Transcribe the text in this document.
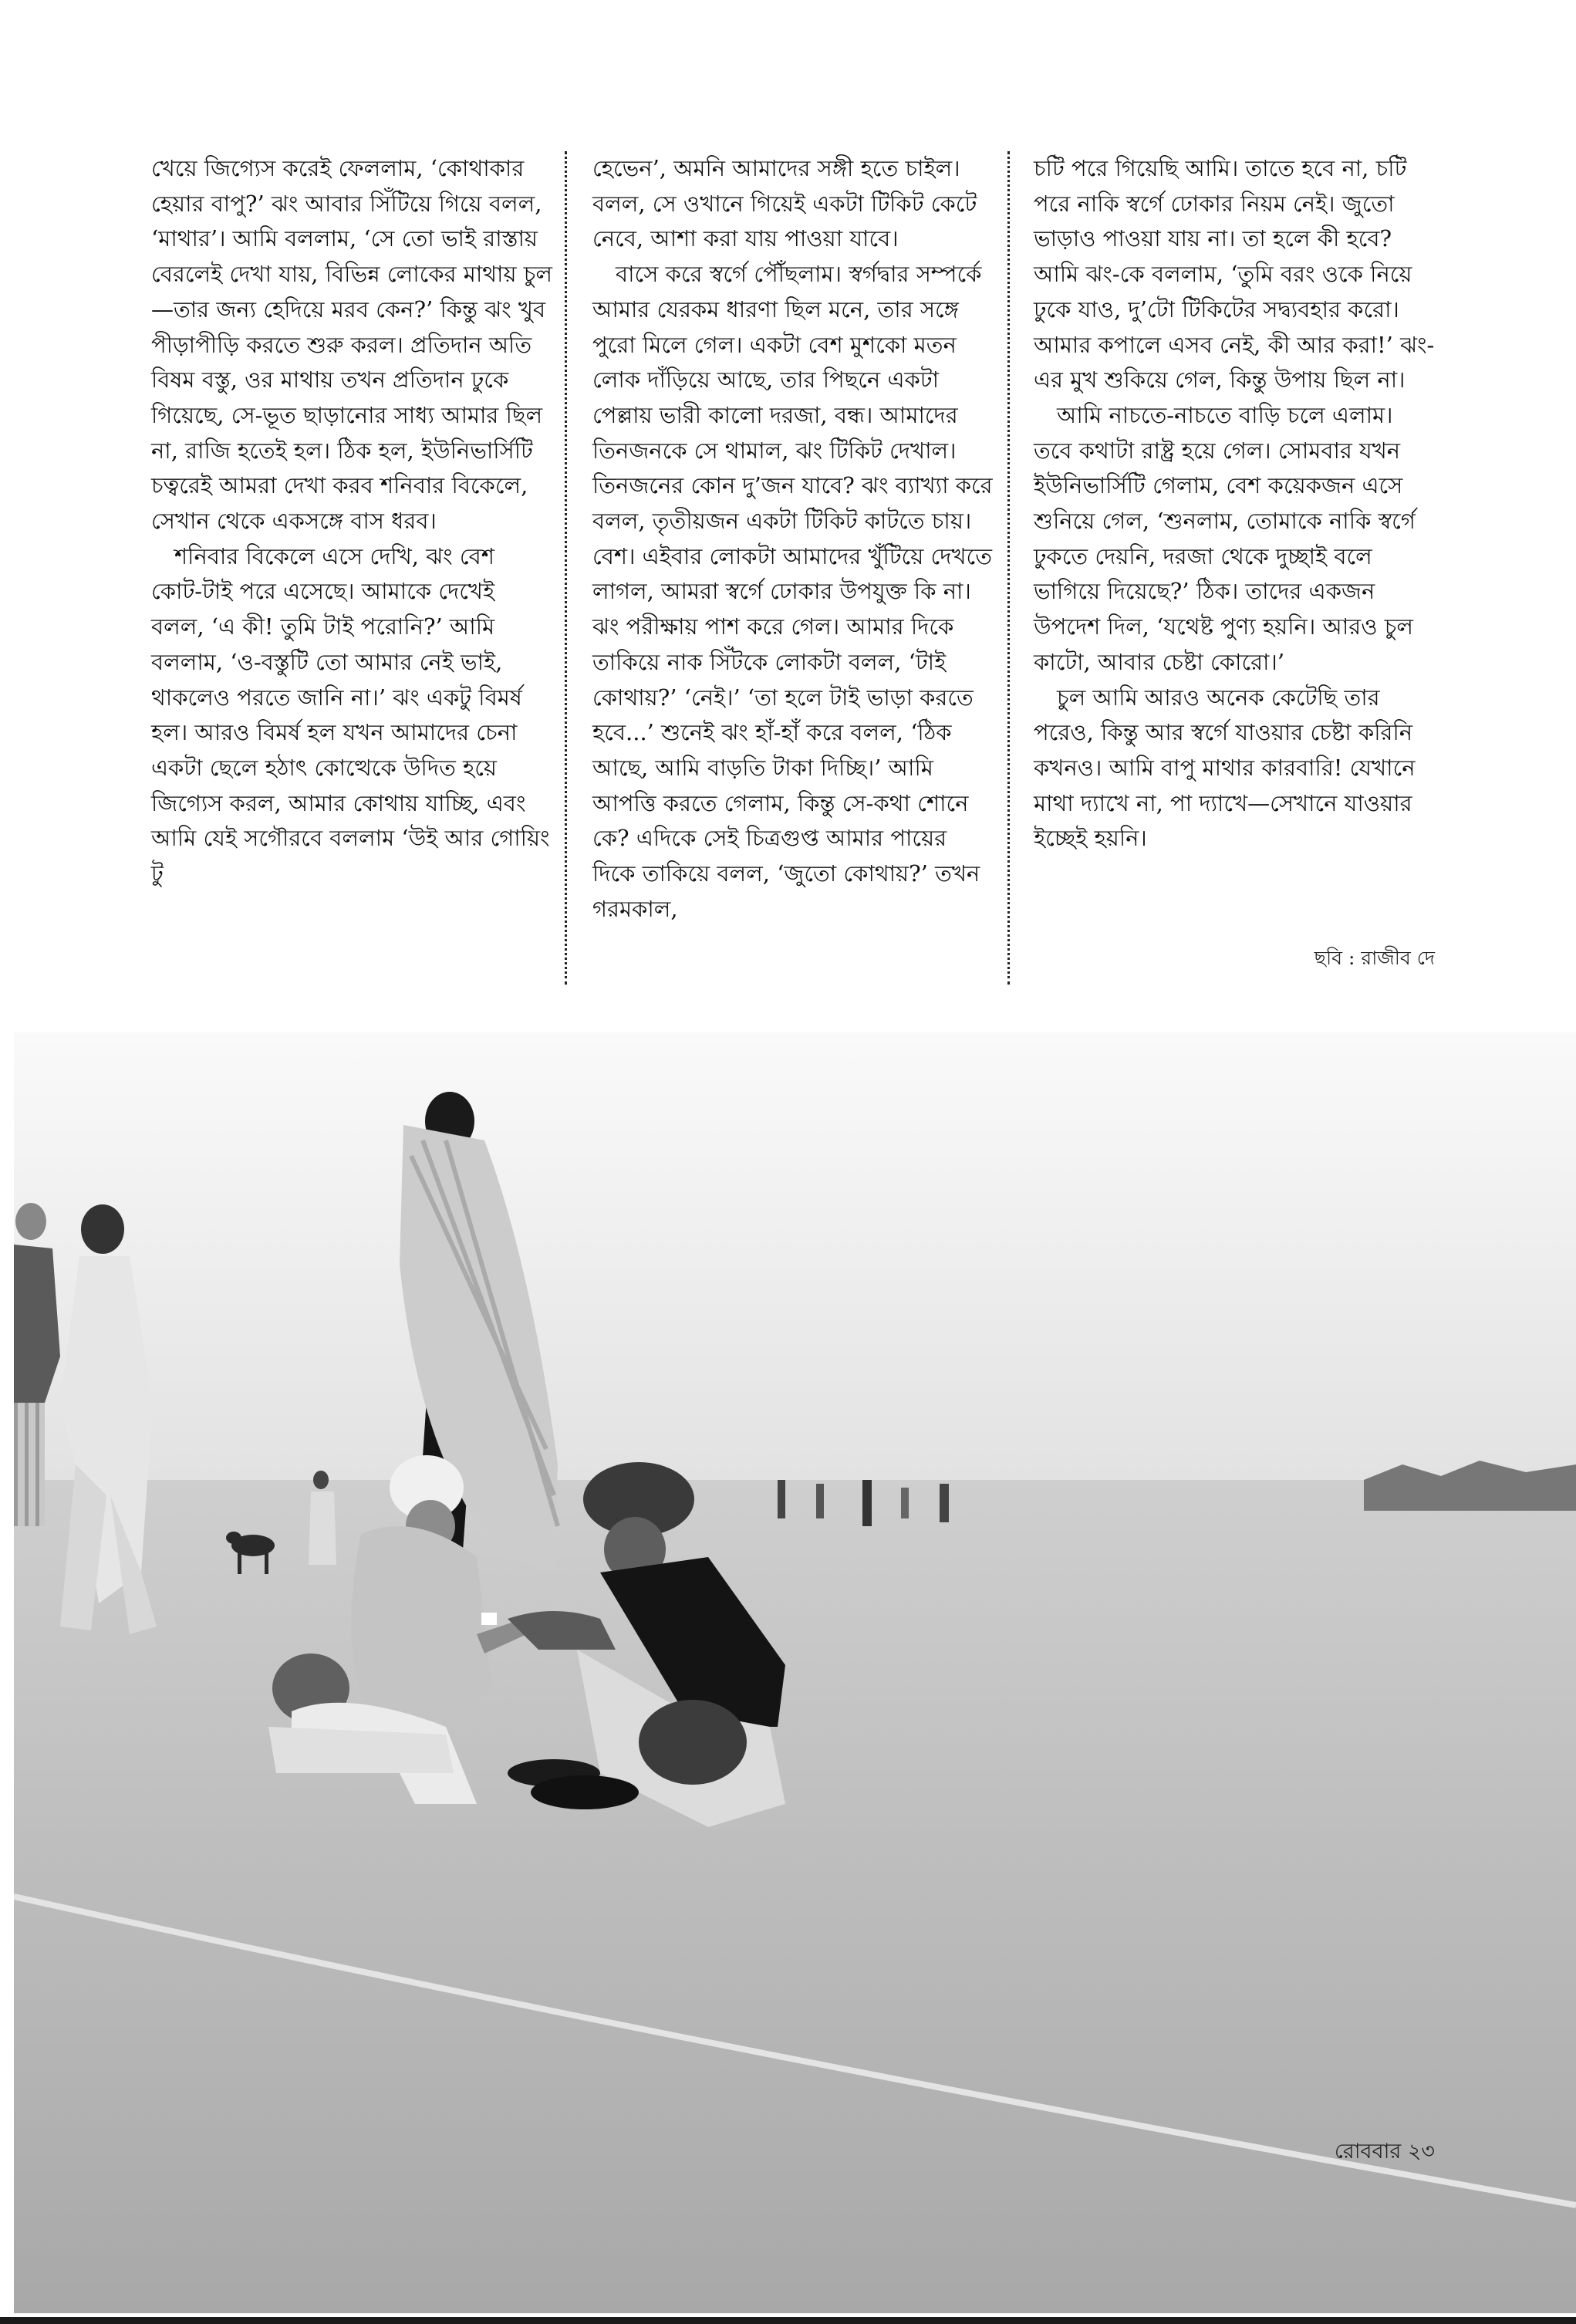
খেয়ে জিগ্যেস করেই ফেললাম, ‘কোথাকার হেয়ার বাপু?’ ঝং আবার সিঁটিয়ে গিয়ে বলল, ‘মাথার’। আমি বললাম, ‘সে তো ভাই রাস্তায় বেরলেই দেখা যায়, বিভিন্ন লোকের মাথায় চুল—তার জন্য হেদিয়ে মরব কেন?’ কিন্তু ঝং খুব পীড়াপীড়ি করতে শুরু করল। প্রতিদান অতি বিষম বস্তু, ওর মাথায় তখন প্রতিদান ঢুকে গিয়েছে, সে-ভূত ছাড়ানোর সাধ্য আমার ছিল না, রাজি হতেই হল। ঠিক হল, ইউনিভার্সিটি চত্বরেই আমরা দেখা করব শনিবার বিকেলে, সেখান থেকে একসঙ্গে বাস ধরব।

শনিবার বিকেলে এসে দেখি, ঝং বেশ কোট-টাই পরে এসেছে। আমাকে দেখেই বলল, ‘এ কী! তুমি টাই পরোনি?’ আমি বললাম, ‘ও-বস্তুটি তো আমার নেই ভাই, থাকলেও পরতে জানি না।’ ঝং একটু বিমর্ষ হল। আরও বিমর্ষ হল যখন আমাদের চেনা একটা ছেলে হঠাৎ কোত্থেকে উদিত হয়ে জিগ্যেস করল, আমার কোথায় যাচ্ছি, এবং আমি যেই সগৌরবে বললাম ‘উই আর গোয়িং টু

হেভেন’, অমনি আমাদের সঙ্গী হতে চাইল। বলল, সে ওখানে গিয়েই একটা টিকিট কেটে নেবে, আশা করা যায় পাওয়া যাবে।

বাসে করে স্বর্গে পৌঁছলাম। স্বর্গদ্বার সম্পর্কে আমার যেরকম ধারণা ছিল মনে, তার সঙ্গে পুরো মিলে গেল। একটা বেশ মুশকো মতন লোক দাঁড়িয়ে আছে, তার পিছনে একটা পেল্লায় ভারী কালো দরজা, বন্ধ। আমাদের তিনজনকে সে থামাল, ঝং টিকিট দেখাল। তিনজনের কোন দু’জন যাবে? ঝং ব্যাখ্যা করে বলল, তৃতীয়জন একটা টিকিট কাটতে চায়। বেশ। এইবার লোকটা আমাদের খুঁটিয়ে দেখতে লাগল, আমরা স্বর্গে ঢোকার উপযুক্ত কি না। ঝং পরীক্ষায় পাশ করে গেল। আমার দিকে তাকিয়ে নাক সিঁটকে লোকটা বলল, ‘টাই কোথায়?’ ‘নেই।’ ‘তা হলে টাই ভাড়া করতে হবে...’ শুনেই ঝং হাঁ-হাঁ করে বলল, ‘ঠিক আছে, আমি বাড়তি টাকা দিচ্ছি।’ আমি আপত্তি করতে গেলাম, কিন্তু সে-কথা শোনে কে? এদিকে সেই চিত্রগুপ্ত আমার পায়ের দিকে তাকিয়ে বলল, ‘জুতো কোথায়?’ তখন গরমকাল,

চটি পরে গিয়েছি আমি। তাতে হবে না, চটি পরে নাকি স্বর্গে ঢোকার নিয়ম নেই। জুতো ভাড়াও পাওয়া যায় না। তা হলে কী হবে? আমি ঝং-কে বললাম, ‘তুমি বরং ওকে নিয়ে ঢুকে যাও, দু’টো টিকিটের সদ্ব্যবহার করো। আমার কপালে এসব নেই, কী আর করা!’ ঝং-এর মুখ শুকিয়ে গেল, কিন্তু উপায় ছিল না।

আমি নাচতে-নাচতে বাড়ি চলে এলাম। তবে কথাটা রাষ্ট্র হয়ে গেল। সোমবার যখন ইউনিভার্সিটি গেলাম, বেশ কয়েকজন এসে শুনিয়ে গেল, ‘শুনলাম, তোমাকে নাকি স্বর্গে ঢুকতে দেয়নি, দরজা থেকে দুচ্ছাই বলে ভাগিয়ে দিয়েছে?’ ঠিক। তাদের একজন উপদেশ দিল, ‘যথেষ্ট পুণ্য হয়নি। আরও চুল কাটো, আবার চেষ্টা কোরো।’

চুল আমি আরও অনেক কেটেছি তার পরেও, কিন্তু আর স্বর্গে যাওয়ার চেষ্টা করিনি কখনও। আমি বাপু মাথার কারবারি! যেখানে মাথা দ্যাখে না, পা দ্যাখে—সেখানে যাওয়ার ইচ্ছেই হয়নি।

ছবি : রাজীব দে
রোববার ২৩
